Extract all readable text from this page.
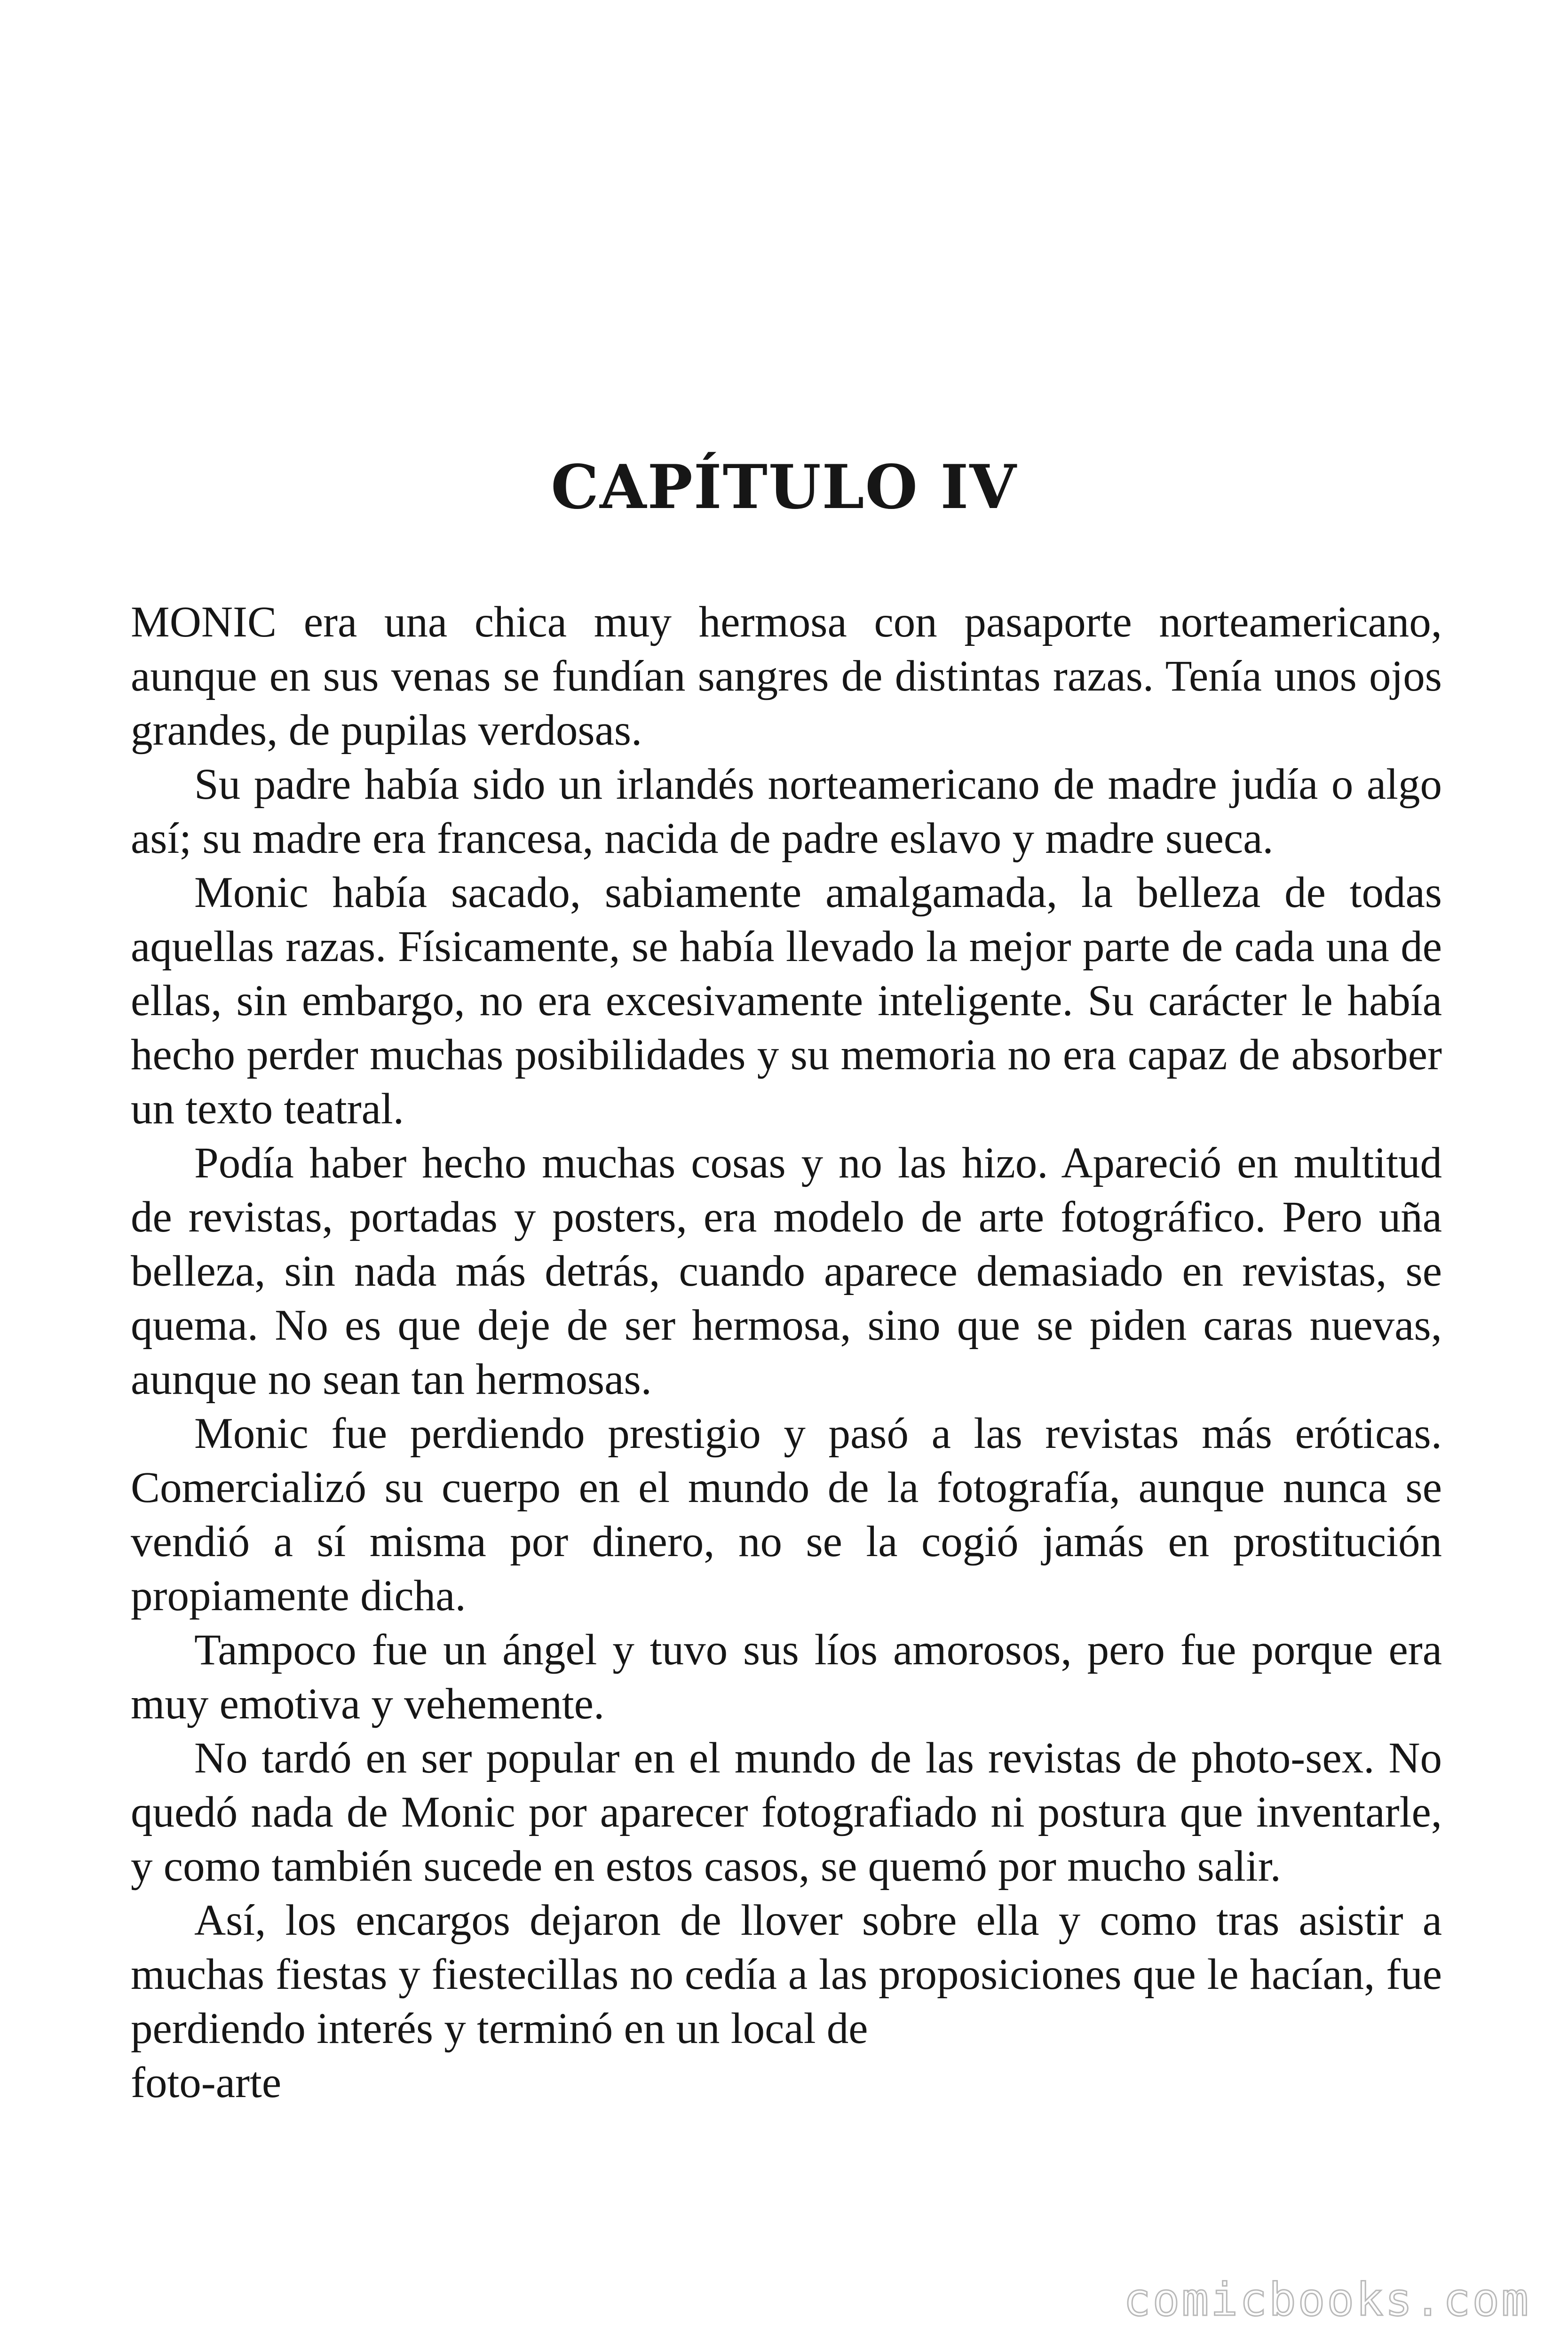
CAPÍTULO IV

MONIC era una chica muy hermosa con pasaporte norteamericano, aunque en sus venas se fundían sangres de distintas razas. Tenía unos ojos grandes, de pupilas verdosas.

Su padre había sido un irlandés norteamericano de madre judía o algo así; su madre era francesa, nacida de padre eslavo y madre sueca.

Monic había sacado, sabiamente amalgamada, la belleza de todas aquellas razas. Físicamente, se había llevado la mejor parte de cada una de ellas, sin embargo, no era excesivamente inteligente. Su carácter le había hecho perder muchas posibilidades y su memoria no era capaz de absorber un texto teatral.

Podía haber hecho muchas cosas y no las hizo. Apareció en multitud de revistas, portadas y posters, era modelo de arte fotográfico. Pero uña belleza, sin nada más detrás, cuando aparece demasiado en revistas, se quema. No es que deje de ser hermosa, sino que se piden caras nuevas, aunque no sean tan hermosas.

Monic fue perdiendo prestigio y pasó a las revistas más eróticas. Comercializó su cuerpo en el mundo de la fotografía, aunque nunca se vendió a sí misma por dinero, no se la cogió jamás en prostitución propiamente dicha.

Tampoco fue un ángel y tuvo sus líos amorosos, pero fue porque era muy emotiva y vehemente.

No tardó en ser popular en el mundo de las revistas de photo-sex. No quedó nada de Monic por aparecer fotografiado ni postura que inventarle, y como también sucede en estos casos, se quemó por mucho salir.

Así, los encargos dejaron de llover sobre ella y como tras asistir a muchas fiestas y fiestecillas no cedía a las proposiciones que le hacían, fue perdiendo interés y terminó en un local de

foto-arte

comicbooks.com
